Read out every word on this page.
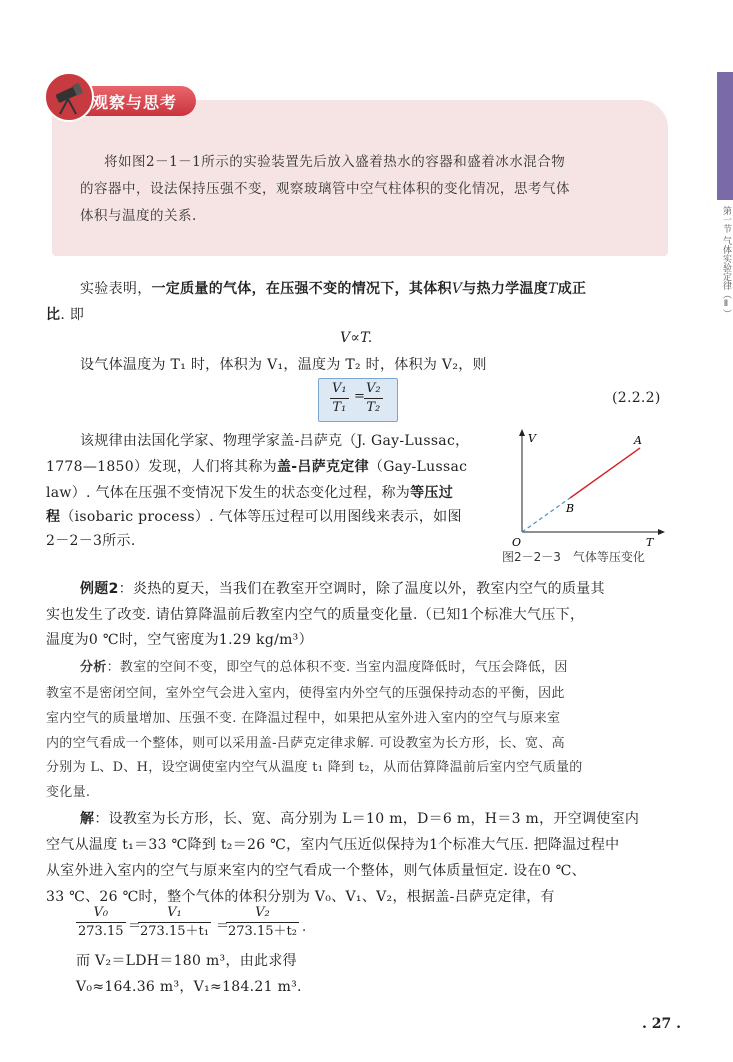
第一节 气体实验定律（Ⅱ）
观察与思考
将如图2－1－1所示的实验装置先后放入盛着热水的容器和盛着冰水混合物
的容器中，设法保持压强不变，观察玻璃管中空气柱体积的变化情况，思考气体
体积与温度的关系.
实验表明，一定质量的气体，在压强不变的情况下，其体积V与热力学温度T成正
比. 即
V∝T.
设气体温度为 T₁ 时，体积为 V₁，温度为 T₂ 时，体积为 V₂，则
$\frac{\text{V₁}}{\text{T₁}} = \frac{\text{V₂}}{\text{T₂}}$	(2.2.2)
该规律由法国化学家、物理学家盖-吕萨克（J. Gay-Lussac，
1778—1850）发现，人们将其称为盖-吕萨克定律（Gay-Lussac
law）. 气体在压强不变情况下发生的状态变化过程，称为等压过
程（isobaric process）. 气体等压过程可以用图线来表示，如图
2－2－3所示.
V
T
O
A
B
图2－2－3　气体等压变化
例题2：炎热的夏天，当我们在教室开空调时，除了温度以外，教室内空气的质量其
实也发生了改变. 请估算降温前后教室内空气的质量变化量.（已知1个标准大气压下，
温度为0 ℃时，空气密度为1.29 kg/m³）
分析：教室的空间不变，即空气的总体积不变. 当室内温度降低时，气压会降低，因
教室不是密闭空间，室外空气会进入室内，使得室内外空气的压强保持动态的平衡，因此
室内空气的质量增加、压强不变. 在降温过程中，如果把从室外进入室内的空气与原来室
内的空气看成一个整体，则可以采用盖-吕萨克定律求解. 可设教室为长方形，长、宽、高
分别为 L、D、H，设空调使室内空气从温度 t₁ 降到 t₂，从而估算降温前后室内空气质量的
变化量.
解：设教室为长方形，长、宽、高分别为 L＝10 m，D＝6 m，H＝3 m，开空调使室内
空气从温度 t₁＝33 ℃降到 t₂＝26 ℃，室内气压近似保持为1个标准大气压. 把降温过程中
从室外进入室内的空气与原来室内的空气看成一个整体，则气体质量恒定. 设在0 ℃、
33 ℃、26 ℃时，整个气体的体积分别为 V₀、V₁、V₂，根据盖-吕萨克定律，有
$\frac{\text{V₀}}{273.15}$ ＝
$\frac{\text{V₁}}{\text{273.15＋t₁}}$ ＝
$\frac{\text{V₂}}{\text{273.15＋t₂}}$ .
而 V₂＝LDH＝180 m³，由此求得
V₀≈164.36 m³，V₁≈184.21 m³.
. 27 .
